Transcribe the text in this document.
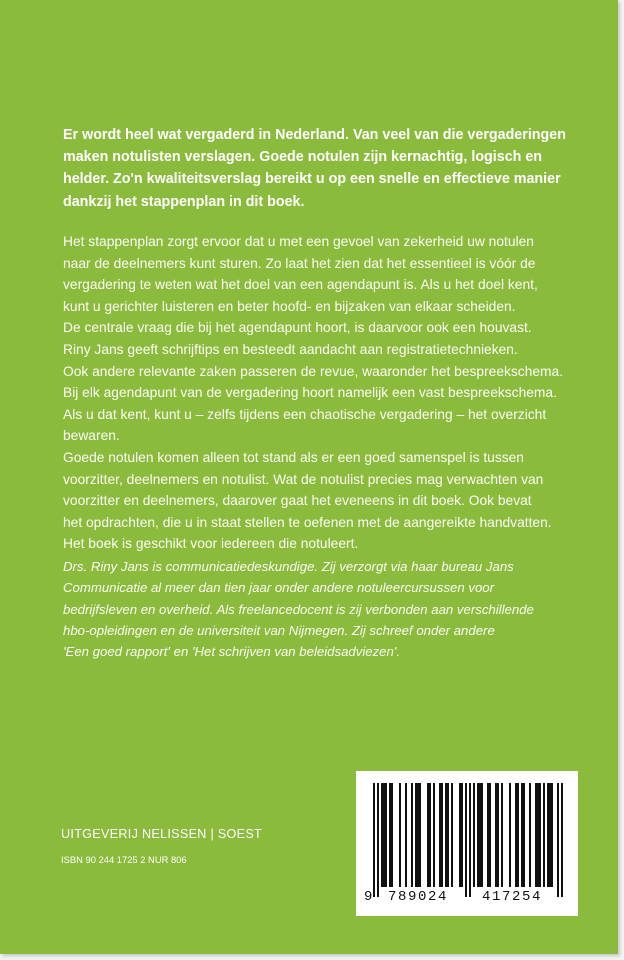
Er wordt heel wat vergaderd in Nederland. Van veel van die vergaderingen
maken notulisten verslagen. Goede notulen zijn kernachtig, logisch en
helder. Zo'n kwaliteitsverslag bereikt u op een snelle en effectieve manier
dankzij het stappenplan in dit boek.
Het stappenplan zorgt ervoor dat u met een gevoel van zekerheid uw notulen
naar de deelnemers kunt sturen. Zo laat het zien dat het essentieel is vóór de
vergadering te weten wat het doel van een agendapunt is. Als u het doel kent,
kunt u gerichter luisteren en beter hoofd- en bijzaken van elkaar scheiden.
De centrale vraag die bij het agendapunt hoort, is daarvoor ook een houvast.
Riny Jans geeft schrijftips en besteedt aandacht aan registratietechnieken.
Ook andere relevante zaken passeren de revue, waaronder het bespreekschema.
Bij elk agendapunt van de vergadering hoort namelijk een vast bespreekschema.
Als u dat kent, kunt u – zelfs tijdens een chaotische vergadering – het overzicht
bewaren.
Goede notulen komen alleen tot stand als er een goed samenspel is tussen
voorzitter, deelnemers en notulist. Wat de notulist precies mag verwachten van
voorzitter en deelnemers, daarover gaat het eveneens in dit boek. Ook bevat
het opdrachten, die u in staat stellen te oefenen met de aangereikte handvatten.
Het boek is geschikt voor iedereen die notuleert.
Drs. Riny Jans is communicatiedeskundige. Zij verzorgt via haar bureau Jans
Communicatie al meer dan tien jaar onder andere notuleercursussen voor
bedrijfsleven en overheid. Als freelancedocent is zij verbonden aan verschillende
hbo-opleidingen en de universiteit van Nijmegen. Zij schreef onder andere
'Een goed rapport' en 'Het schrijven van beleidsadviezen'.
UITGEVERIJ NELISSEN | SOEST
ISBN 90 244 1725 2 NUR 806
9 789024 417254
